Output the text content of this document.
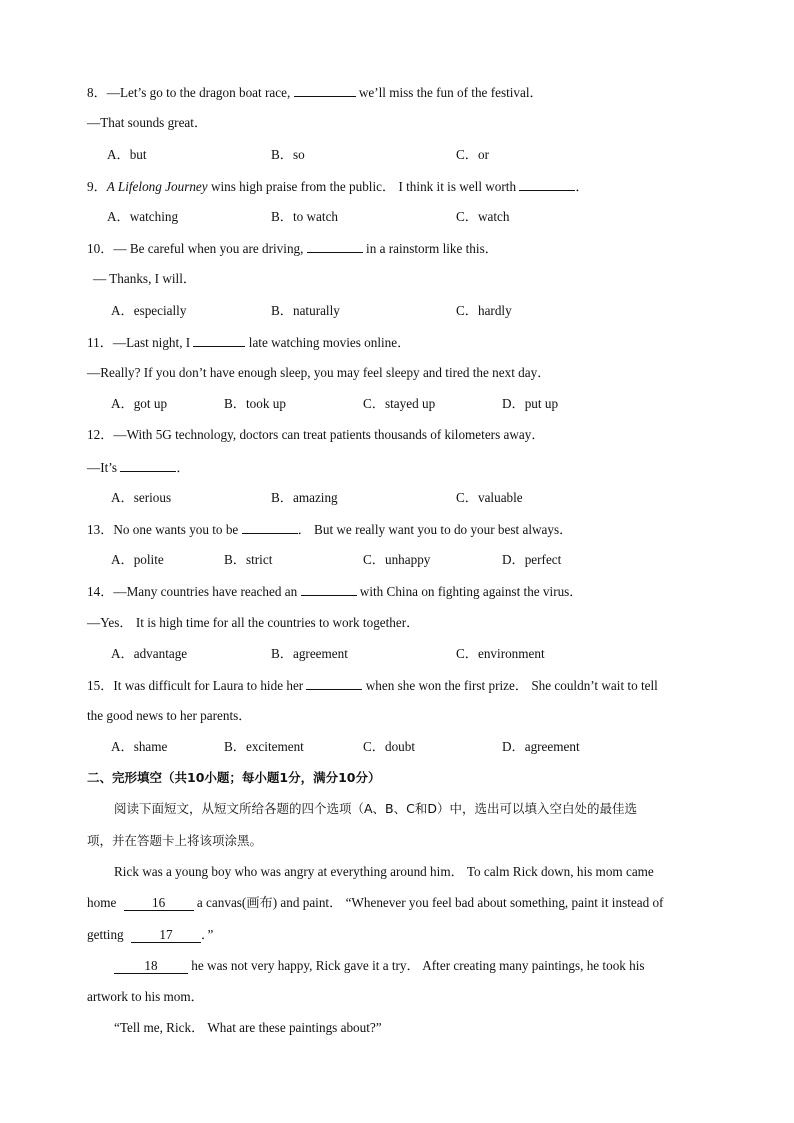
8．—Let’s go to the dragon boat race,	we’ll miss the fun of the festival．
—That sounds great．
A．but	B．so	C．or
9．A Lifelong Journey wins high praise from the public． I think it is well worth	．
A．watching	B．to watch	C．watch
10．— Be careful when you are driving,	in a rainstorm like this．
— Thanks, I will．
A．especially	B．naturally	C．hardly
11．—Last night, I	late watching movies online．
—Really? If you don’t have enough sleep, you may feel sleepy and tired the next day．
A．got up	B．took up	C．stayed up	D．put up
12．—With 5G technology, doctors can treat patients thousands of kilometers away．
—It’s	．
A．serious	B．amazing	C．valuable
13．No one wants you to be	． But we really want you to do your best always．
A．polite	B．strict	C．unhappy	D．perfect
14．—Many countries have reached an	with China on fighting against the virus．
—Yes． It is high time for all the countries to work together．
A．advantage	B．agreement	C．environment
15．It was difficult for Laura to hide her	when she won the first prize． She couldn’t wait to tell
the good news to her parents．
A．shame	B．excitement	C．doubt	D．agreement
二、完形填空（共10小题；每小题1分，满分10分）
阅读下面短文，从短文所给各题的四个选项（A、B、C和D）中，选出可以填入空白处的最佳选
项，并在答题卡上将该项涂黑。
Rick was a young boy who was angry at everything around him． To calm Rick down, his mom came
home	16 a canvas(画布) and paint． “Whenever you feel bad about something, paint it instead of
getting	17 ．”
18	he was not very happy, Rick gave it a try． After creating many paintings, he took his
artwork to his mom．
“Tell me, Rick． What are these paintings about?”
